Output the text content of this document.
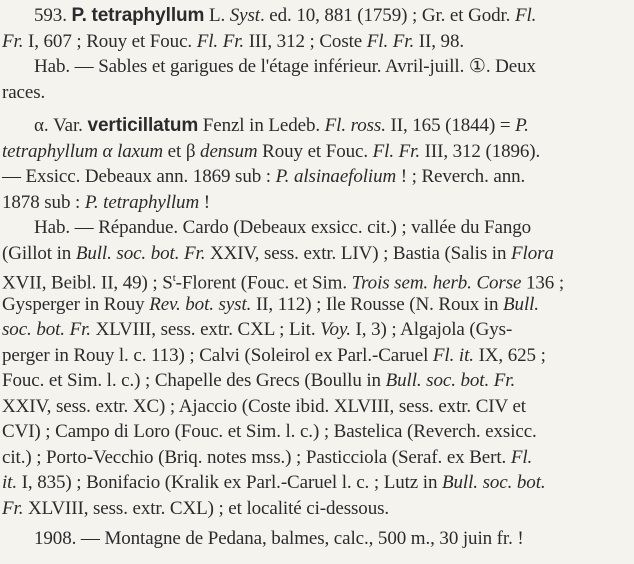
593. P. tetraphyllum L. Syst. ed. 10, 881 (1759) ; Gr. et Godr. Fl.
Fr. I, 607 ; Rouy et Fouc. Fl. Fr. III, 312 ; Coste Fl. Fr. II, 98.
Hab. — Sables et garigues de l'étage inférieur. Avril-juill. ①. Deux
races.
α. Var. verticillatum Fenzl in Ledeb. Fl. ross. II, 165 (1844) = P.
tetraphyllum α laxum et β densum Rouy et Fouc. Fl. Fr. III, 312 (1896).
— Exsicc. Debeaux ann. 1869 sub : P. alsinaefolium ! ; Reverch. ann.
1878 sub : P. tetraphyllum !
Hab. — Répandue. Cardo (Debeaux exsicc. cit.) ; vallée du Fango
(Gillot in Bull. soc. bot. Fr. XXIV, sess. extr. LIV) ; Bastia (Salis in Flora
XVII, Beibl. II, 49) ; $S^t$-Florent (Fouc. et Sim. Trois sem. herb. Corse 136 ;
Gysperger in Rouy Rev. bot. syst. II, 112) ; Ile Rousse (N. Roux in Bull.
soc. bot. Fr. XLVIII, sess. extr. CXL ; Lit. Voy. I, 3) ; Algajola (Gys-
perger in Rouy l. c. 113) ; Calvi (Soleirol ex Parl.-Caruel Fl. it. IX, 625 ;
Fouc. et Sim. l. c.) ; Chapelle des Grecs (Boullu in Bull. soc. bot. Fr.
XXIV, sess. extr. XC) ; Ajaccio (Coste ibid. XLVIII, sess. extr. CIV et
CVI) ; Campo di Loro (Fouc. et Sim. l. c.) ; Bastelica (Reverch. exsicc.
cit.) ; Porto-Vecchio (Briq. notes mss.) ; Pasticciola (Seraf. ex Bert. Fl.
it. I, 835) ; Bonifacio (Kralik ex Parl.-Caruel l. c. ; Lutz in Bull. soc. bot.
Fr. XLVIII, sess. extr. CXL) ; et localité ci-dessous.
1908. — Montagne de Pedana, balmes, calc., 500 m., 30 juin fr. !
